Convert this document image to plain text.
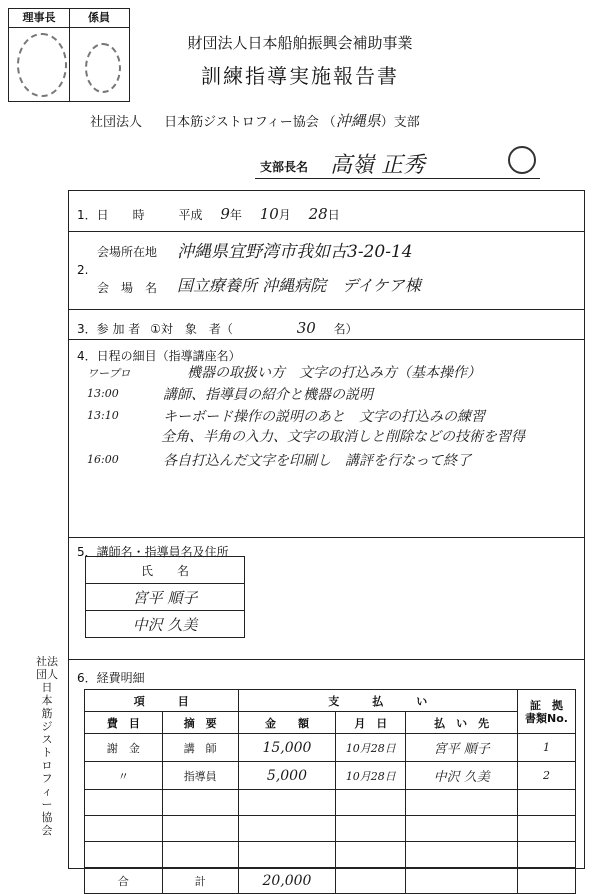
理事長	係員
財団法人日本船舶振興会補助事業
訓練指導実施報告書
社団法人 日本筋ジストロフィー協会 （沖縄県）支部
支部長名 高嶺 正秀
1．日　　時	平成 9年 10月 28日
2.
会場所在地 沖縄県宜野湾市我如古3-20-14
会　場　名 国立療養所 沖縄病院　デイケア棟
3．参 加 者 ①対　象　者（	30 名）
4．日程の細目（指導講座名）
ワープロ	機器の取扱い方　文字の打込み方（基本操作）
13:00	講師、指導員の紹介と機器の説明
13:10	キーボード操作の説明のあと　文字の打込みの練習
全角、半角の入力、文字の取消しと削除などの技術を習得
16:00	各自打込んだ文字を印刷し　講評を行なって終了
5．講師名・指導員名及住所
6．経費明細
氏　　名
宮平 順子
中沢 久美
項　　　目		支　　　払　　　い			証　拠
書類No.
費　目	摘　要	金　　額	月　日	払　い　先	
謝　金	講　師	15,000	10月28日	宮平 順子	1
〃	指導員	5,000	10月28日	中沢 久美	2

合	計	20,000			
社法
団人
日
本
筋
ジ
ス
ト
ロ
フ
ィ
ー
協
会
